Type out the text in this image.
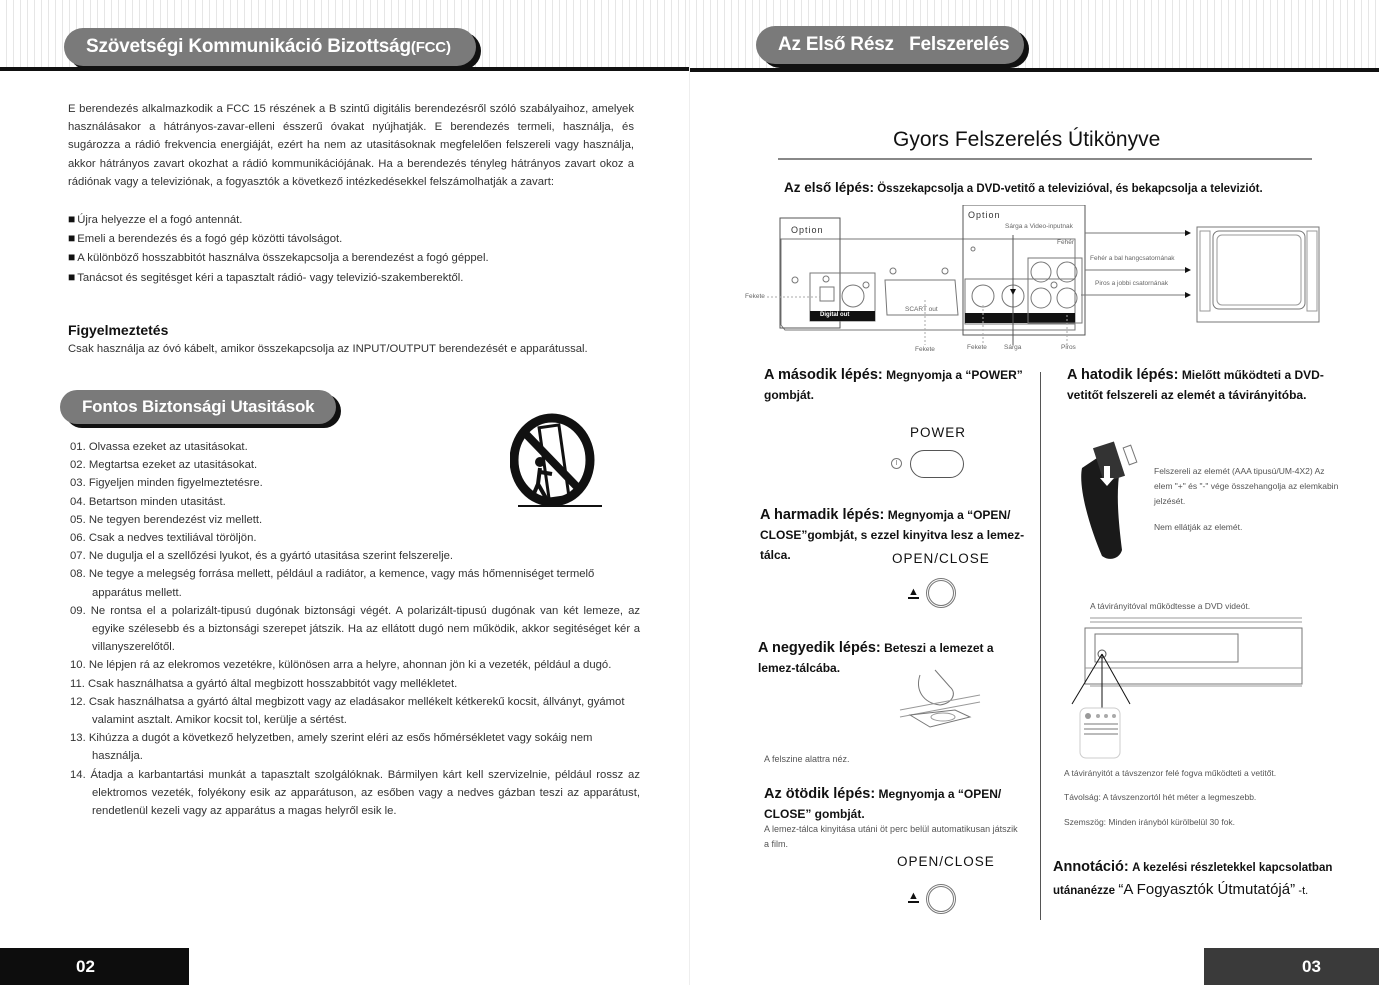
Szövetségi Kommunikáció Bizottság (FCC)

E berendezés alkalmazkodik a FCC 15 részének a B szintű digitális berendezésről szóló szabályaihoz, amelyek használásakor a hátrányos-zavar-elleni ésszerű óvakat nyújhatják. E berendezés termeli, használja, és sugározza a rádió frekvencia energiáját, ezért ha nem az utasitásoknak megfelelően felszereli vagy használja, akkor hátrányos zavart okozhat a rádió kommunikációjának. Ha a berendezés tényleg hátrányos zavart okoz a rádiónak vagy a televiziónak, a fogyasztók a következő intézkedésekkel felszámolhatják a zavart:

■ Újra helyezze el a fogó antennát.
■ Emeli a berendezés és a fogó gép közötti távolságot.
■ A különböző hosszabbitót használva összekapcsolja a berendezést a fogó géppel.
■ Tanácsot és segitésget kéri a tapasztalt rádió- vagy televizió-szakemberektől.
Figyelmeztetés

Csak használja az óvó kábelt, amikor összekapcsolja az INPUT/OUTPUT berendezését e apparátussal.

Fontos Biztonsági Utasitások
01. Olvassa ezeket az utasitásokat.
02. Megtartsa ezeket az utasitásokat.
03. Figyeljen minden figyelmeztetésre.
04. Betartson minden utasitást.
05. Ne tegyen berendezést viz mellett.
06. Csak a nedves textiliával töröljön.
07. Ne dugulja el a szellőzési lyukot, és a gyártó utasitása szerint felszerelje.
08. Ne tegye a melegség forrása mellett, például a radiátor, a kemence, vagy más hőmenniséget termelő apparátus mellett.
09. Ne rontsa el a polarizált-tipusú dugónak biztonsági végét. A polarizált-tipusú dugónak van két lemeze, az egyike szélesebb és a biztonsági szerepet játszik. Ha az ellátott dugó nem működik, akkor segitéséget kér a villanyszerelőtől.
10. Ne lépjen rá az elekromos vezetékre, különösen arra a helyre, ahonnan jön ki a vezeték, például a dugó.
11. Csak használhatsa a gyártó által megbizott hosszabbitót vagy mellékletet.
12. Csak használhatsa a gyártó által megbizott vagy az eladásakor mellékelt kétkerekű kocsit, állványt, gyámot valamint asztalt. Amikor kocsit tol, kerülje a sértést.
13. Kihúzza a dugót a következő helyzetben, amely szerint eléri az esős hőmérsékletet vagy sokáig nem használja.
14. Átadja a karbantartási munkát a tapasztalt szolgálóknak. Bármilyen kárt kell szervizelnie, például rossz az elektromos vezeték, folyékony esik az apparátuson, az esőben vagy a nedves gázban teszi az apparátust, rendetlenül kezeli vagy az apparátus a magas helyről esik le.
02
Az Első Rész   Felszerelés
Gyors Felszerelés Útikönyve
Az első lépés: Összekapcsolja a DVD-vetitő a televizióval, és bekapcsolja a televiziót.
Option
Option
Digital out
SCART out
Sárga a Video-inputnak
Fehér
Fehér a bal hangcsatornának
Piros a jobbi csatornának
Fekete
Fekete	Fekete	Sárga	Piros
A második lépés: Megnyomja a “POWER” gombját.
POWER
I
A harmadik lépés: Megnyomja a “OPEN/ CLOSE”gombját, s ezzel kinyitva lesz a lemez-tálca.	OPEN/CLOSE
▲
A negyedik lépés: Beteszi a lemezet a lemez-tálcába.
A felszine alattra néz.
Az ötödik lépés: Megnyomja a “OPEN/ CLOSE” gombját.
A lemez-tálca kinyitása utáni öt perc belül automatikusan játszik a film.
OPEN/CLOSE
▲
A hatodik lépés: Mielőtt működteti a DVD-vetitőt felszereli az elemét a távirányitóba.
Felszereli az elemét (AAA tipusú/UM-4X2) Az elem "+" és "-" vége összehangolja az elemkabin jelzését.
Nem ellátják az elemét.
A távirányitóval működtesse a DVD videót.
A távirányitót a távszenzor felé fogva működteti a vetitőt.
Távolság: A távszenzortól hét méter a legmeszebb.
Szemszög: Minden irányból kürölbelül 30 fok.
Annotáció: A kezelési részletekkel kapcsolatban utánanézze “A Fogyasztók Útmutatójá” -t.
03
